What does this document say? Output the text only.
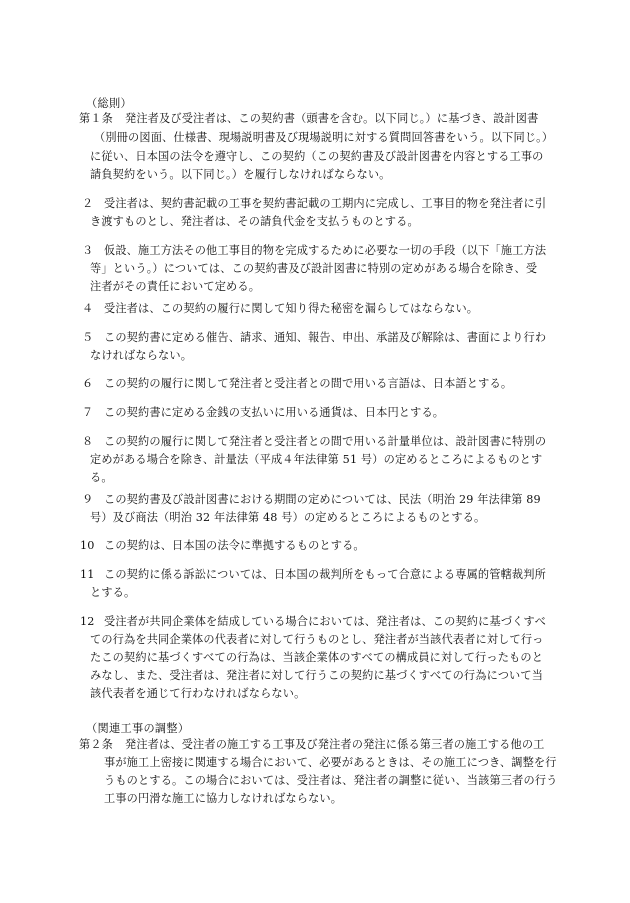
（総則）
第１条 発注者及び受注者は、この契約書（頭書を含む。以下同じ。）に基づき、設計図書
（別冊の図面、仕様書、現場説明書及び現場説明に対する質問回答書をいう。以下同じ。）
に従い、日本国の法令を遵守し、この契約（この契約書及び設計図書を内容とする工事の
請負契約をいう。以下同じ。）を履行しなければならない。
２ 受注者は、契約書記載の工事を契約書記載の工期内に完成し、工事目的物を発注者に引
き渡すものとし、発注者は、その請負代金を支払うものとする。
３ 仮設、施工方法その他工事目的物を完成するために必要な一切の手段（以下「施工方法
等」という。）については、この契約書及び設計図書に特別の定めがある場合を除き、受
注者がその責任において定める。
４ 受注者は、この契約の履行に関して知り得た秘密を漏らしてはならない。
５ この契約書に定める催告、請求、通知、報告、申出、承諾及び解除は、書面により行わ
なければならない。
６ この契約の履行に関して発注者と受注者との間で用いる言語は、日本語とする。
７ この契約書に定める金銭の支払いに用いる通貨は、日本円とする。
８ この契約の履行に関して発注者と受注者との間で用いる計量単位は、設計図書に特別の
定めがある場合を除き、計量法（平成４年法律第 51 号）の定めるところによるものとす
る。
９ この契約書及び設計図書における期間の定めについては、民法（明治 29 年法律第 89
号）及び商法（明治 32 年法律第 48 号）の定めるところによるものとする。
10 この契約は、日本国の法令に準拠するものとする。
11 この契約に係る訴訟については、日本国の裁判所をもって合意による専属的管轄裁判所
とする。
12 受注者が共同企業体を結成している場合においては、発注者は、この契約に基づくすべ
ての行為を共同企業体の代表者に対して行うものとし、発注者が当該代表者に対して行っ
たこの契約に基づくすべての行為は、当該企業体のすべての構成員に対して行ったものと
みなし、また、受注者は、発注者に対して行うこの契約に基づくすべての行為について当
該代表者を通じて行わなければならない。
（関連工事の調整）
第２条 発注者は、受注者の施工する工事及び発注者の発注に係る第三者の施工する他の工
事が施工上密接に関連する場合において、必要があるときは、その施工につき、調整を行
うものとする。この場合においては、受注者は、発注者の調整に従い、当該第三者の行う
工事の円滑な施工に協力しなければならない。
